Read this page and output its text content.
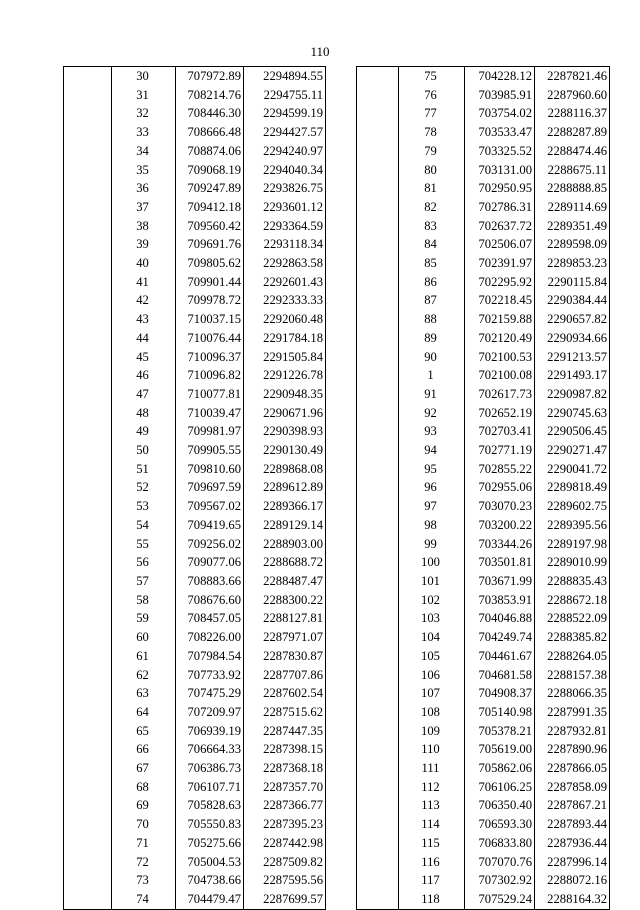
110
	30	707972.89	2294894.55
	31	708214.76	2294755.11
	32	708446.30	2294599.19
	33	708666.48	2294427.57
	34	708874.06	2294240.97
	35	709068.19	2294040.34
	36	709247.89	2293826.75
	37	709412.18	2293601.12
	38	709560.42	2293364.59
	39	709691.76	2293118.34
	40	709805.62	2292863.58
	41	709901.44	2292601.43
	42	709978.72	2292333.33
	43	710037.15	2292060.48
	44	710076.44	2291784.18
	45	710096.37	2291505.84
	46	710096.82	2291226.78
	47	710077.81	2290948.35
	48	710039.47	2290671.96
	49	709981.97	2290398.93
	50	709905.55	2290130.49
	51	709810.60	2289868.08
	52	709697.59	2289612.89
	53	709567.02	2289366.17
	54	709419.65	2289129.14
	55	709256.02	2288903.00
	56	709077.06	2288688.72
	57	708883.66	2288487.47
	58	708676.60	2288300.22
	59	708457.05	2288127.81
	60	708226.00	2287971.07
	61	707984.54	2287830.87
	62	707733.92	2287707.86
	63	707475.29	2287602.54
	64	707209.97	2287515.62
	65	706939.19	2287447.35
	66	706664.33	2287398.15
	67	706386.73	2287368.18
	68	706107.71	2287357.70
	69	705828.63	2287366.77
	70	705550.83	2287395.23
	71	705275.66	2287442.98
	72	705004.53	2287509.82
	73	704738.66	2287595.56
	74	704479.47	2287699.57
	75	704228.12	2287821.46
	76	703985.91	2287960.60
	77	703754.02	2288116.37
	78	703533.47	2288287.89
	79	703325.52	2288474.46
	80	703131.00	2288675.11
	81	702950.95	2288888.85
	82	702786.31	2289114.69
	83	702637.72	2289351.49
	84	702506.07	2289598.09
	85	702391.97	2289853.23
	86	702295.92	2290115.84
	87	702218.45	2290384.44
	88	702159.88	2290657.82
	89	702120.49	2290934.66
	90	702100.53	2291213.57
	1	702100.08	2291493.17
	91	702617.73	2290987.82
	92	702652.19	2290745.63
	93	702703.41	2290506.45
	94	702771.19	2290271.47
	95	702855.22	2290041.72
	96	702955.06	2289818.49
	97	703070.23	2289602.75
	98	703200.22	2289395.56
	99	703344.26	2289197.98
	100	703501.81	2289010.99
	101	703671.99	2288835.43
	102	703853.91	2288672.18
	103	704046.88	2288522.09
	104	704249.74	2288385.82
	105	704461.67	2288264.05
	106	704681.58	2288157.38
	107	704908.37	2288066.35
	108	705140.98	2287991.35
	109	705378.21	2287932.81
	110	705619.00	2287890.96
	111	705862.06	2287866.05
	112	706106.25	2287858.09
	113	706350.40	2287867.21
	114	706593.30	2287893.44
	115	706833.80	2287936.44
	116	707070.76	2287996.14
	117	707302.92	2288072.16
	118	707529.24	2288164.32
